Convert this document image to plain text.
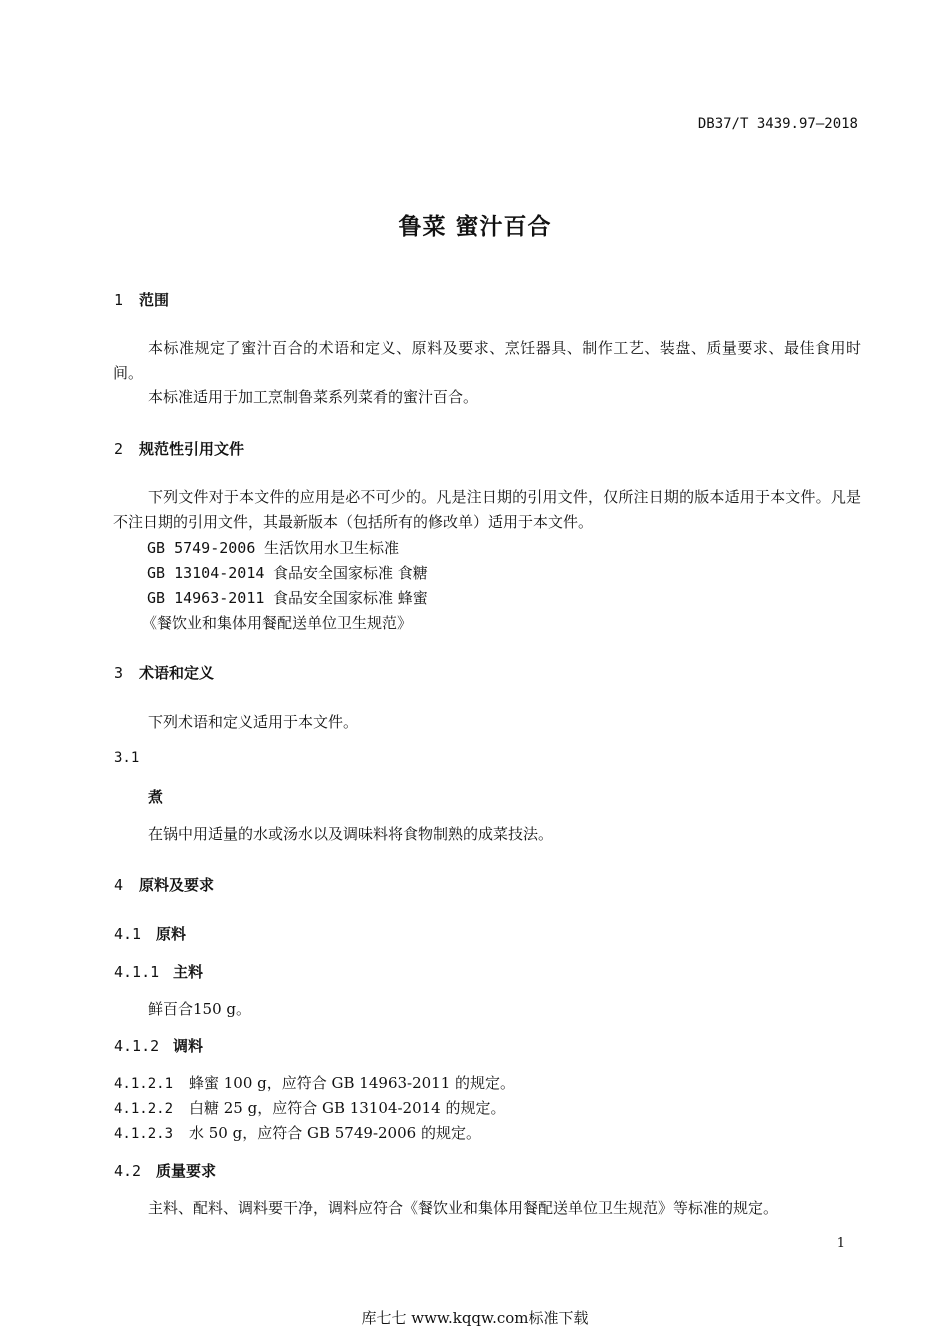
DB37/T 3439.97—2018
鲁菜 蜜汁百合
1 范围
本标准规定了蜜汁百合的术语和定义、原料及要求、烹饪器具、制作工艺、装盘、质量要求、最佳食用时间。
本标准适用于加工烹制鲁菜系列菜肴的蜜汁百合。
2 规范性引用文件
下列文件对于本文件的应用是必不可少的。凡是注日期的引用文件，仅所注日期的版本适用于本文件。凡是不注日期的引用文件，其最新版本（包括所有的修改单）适用于本文件。
GB 5749-2006 生活饮用水卫生标准
GB 13104-2014 食品安全国家标准 食糖
GB 14963-2011 食品安全国家标准 蜂蜜
《餐饮业和集体用餐配送单位卫生规范》
3 术语和定义
下列术语和定义适用于本文件。
3.1
煮
在锅中用适量的水或汤水以及调味料将食物制熟的成菜技法。
4 原料及要求
4.1 原料
4.1.1 主料
鲜百合150 g。
4.1.2 调料
4.1.2.1 蜂蜜 100 g，应符合 GB 14963-2011 的规定。
4.1.2.2 白糖 25 g，应符合 GB 13104-2014 的规定。
4.1.2.3 水 50 g，应符合 GB 5749-2006 的规定。
4.2 质量要求
主料、配料、调料要干净，调料应符合《餐饮业和集体用餐配送单位卫生规范》等标准的规定。
1
库七七 www.kqqw.com标准下载
